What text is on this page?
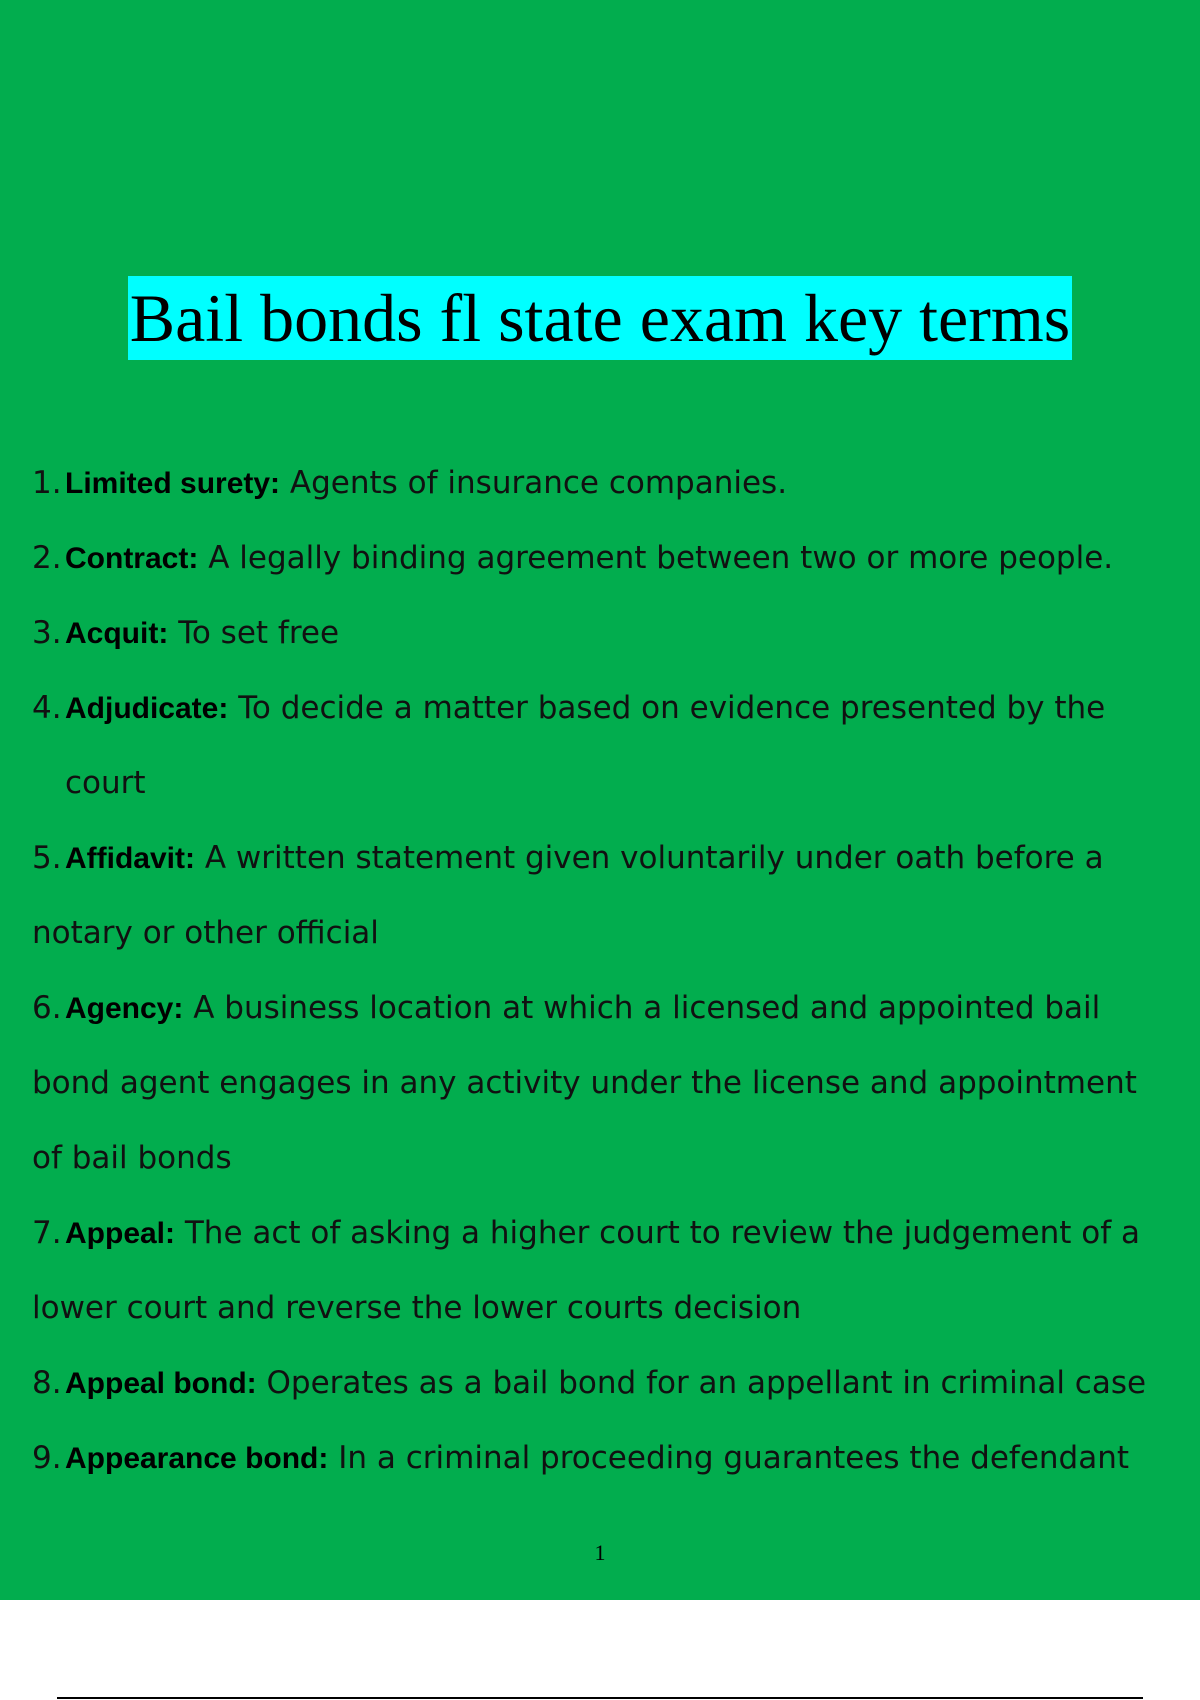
Bail bonds fl state exam key terms
1. Limited surety: Agents of insurance companies.
2. Contract: A legally binding agreement between two or more people.
3. Acquit: To set free
4. Adjudicate: To decide a matter based on evidence presented by the
court
5. Affidavit: A written statement given voluntarily under oath before a
notary or other official
6. Agency: A business location at which a licensed and appointed bail
bond agent engages in any activity under the license and appointment
of bail bonds
7. Appeal: The act of asking a higher court to review the judgement of a
lower court and reverse the lower courts decision
8. Appeal bond: Operates as a bail bond for an appellant in criminal case
9. Appearance bond: In a criminal proceeding guarantees the defendant
1
